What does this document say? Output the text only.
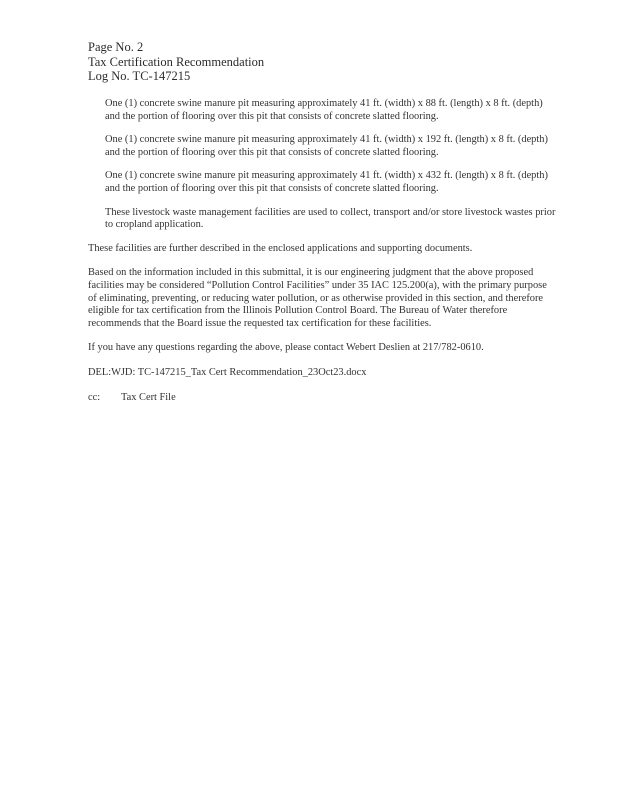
Page No. 2
Tax Certification Recommendation
Log No. TC-147215

One (1) concrete swine manure pit measuring approximately 41 ft. (width) x 88 ft. (length) x 8 ft. (depth) and the portion of flooring over this pit that consists of concrete slatted flooring.

One (1) concrete swine manure pit measuring approximately 41 ft. (width) x 192 ft. (length) x 8 ft. (depth) and the portion of flooring over this pit that consists of concrete slatted flooring.

One (1) concrete swine manure pit measuring approximately 41 ft. (width) x 432 ft. (length) x 8 ft. (depth) and the portion of flooring over this pit that consists of concrete slatted flooring.

These livestock waste management facilities are used to collect, transport and/or store livestock wastes prior to cropland application.

These facilities are further described in the enclosed applications and supporting documents.

Based on the information included in this submittal, it is our engineering judgment that the above proposed facilities may be considered “Pollution Control Facilities” under 35 IAC 125.200(a), with the primary purpose of eliminating, preventing, or reducing water pollution, or as otherwise provided in this section, and therefore eligible for tax certification from the Illinois Pollution Control Board. The Bureau of Water therefore recommends that the Board issue the requested tax certification for these facilities.

If you have any questions regarding the above, please contact Webert Deslien at 217/782-0610.

DEL:WJD: TC-147215_Tax Cert Recommendation_23Oct23.docx

cc:	Tax Cert File
